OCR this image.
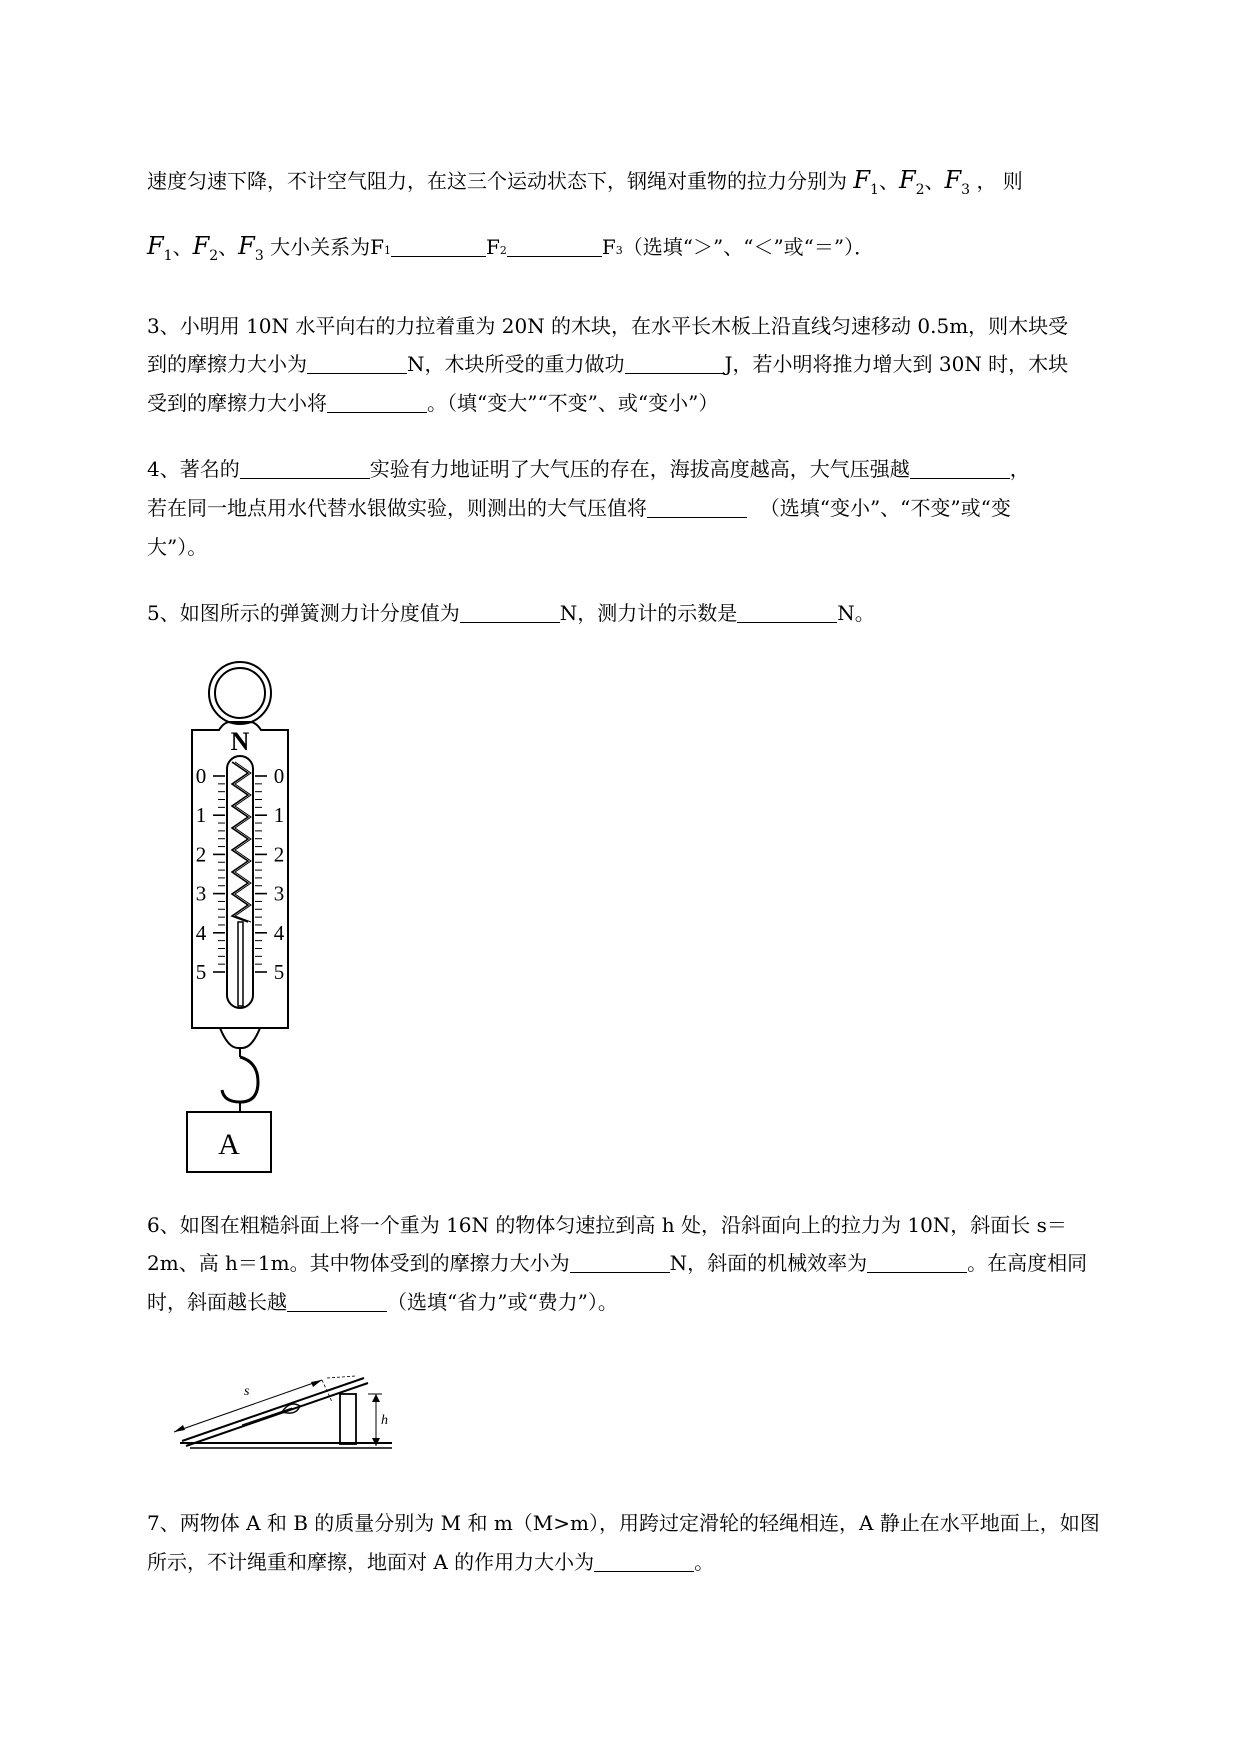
速度匀速下降，不计空气阻力，在这三个运动状态下，钢绳对重物的拉力分别为 $F_1$、$F_2$、$F_3$ ， 则
$F_1$、$F_2$、$F_3$ 大小关系为F1	F2	F3（选填“＞”、“＜”或“＝”）．
3、小明用 10N 水平向右的力拉着重为 20N 的木块，在水平长木板上沿直线匀速移动 0.5m，则木块受
到的摩擦力大小为	N，木块所受的重力做功	J，若小明将推力增大到 30N 时，木块
受到的摩擦力大小将	。（填“变大”“不变”、或“变小”）
4、著名的	实验有力地证明了大气压的存在，海拔高度越高，大气压强越	，
若在同一地点用水代替水银做实验，则测出的大气压值将	（选填“变小”、“不变”或“变
大”）。
5、如图所示的弹簧测力计分度值为	N，测力计的示数是	N。
N
0	0
1	1
2	2
3	3
4	4
5	5
A
6、如图在粗糙斜面上将一个重为 16N 的物体匀速拉到高 h 处，沿斜面向上的拉力为 10N，斜面长 s＝
2m、高 h＝1m。其中物体受到的摩擦力大小为	N，斜面的机械效率为	。在高度相同
时，斜面越长越	（选填“省力”或“费力”）。
s
h
7、两物体 A 和 B 的质量分别为 M 和 m（M>m），用跨过定滑轮的轻绳相连，A 静止在水平地面上，如图
所示，不计绳重和摩擦，地面对 A 的作用力大小为	。
